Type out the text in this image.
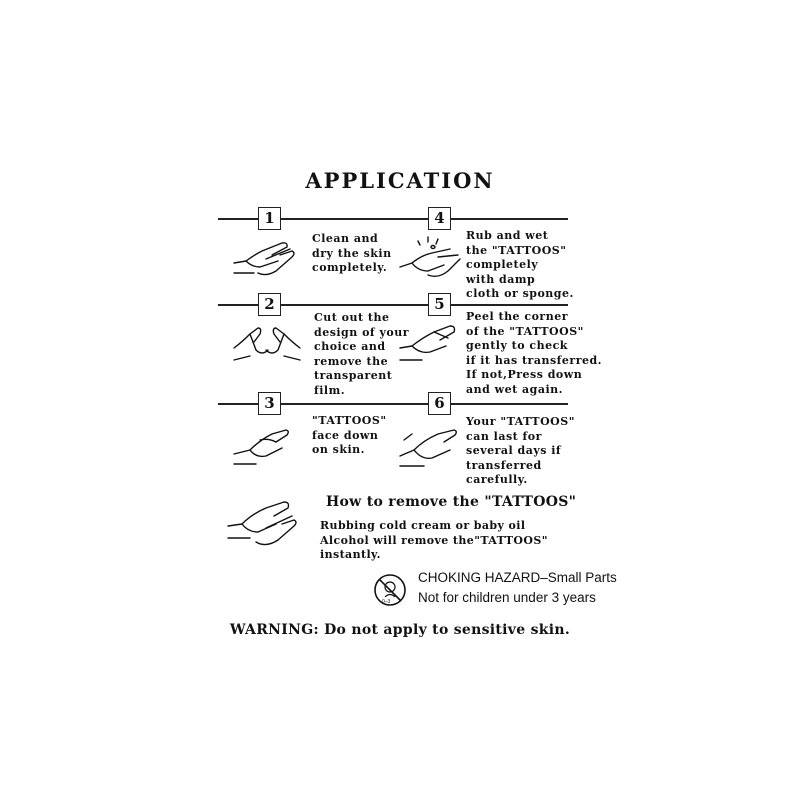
APPLICATION
1	4
Clean and
dry the skin
completely.
Rub and wet
the "TATTOOS"
completely
with damp
cloth or sponge.
2	5
Cut out the
design of your
choice and
remove the
transparent
film.
Peel the corner
of the "TATTOOS"
gently to check
if it has transferred.
If not,Press down
and wet again.
3	6
"TATTOOS"
face down
on skin.
Your "TATTOOS"
can last for
several days if
transferred
carefully.
How to remove the "TATTOOS"
Rubbing cold cream or baby oil
Alcohol will remove the"TATTOOS"
instantly.
0–3
CHOKING HAZARD–Small Parts
Not for children under 3 years
WARNING: Do not apply to sensitive skin.
